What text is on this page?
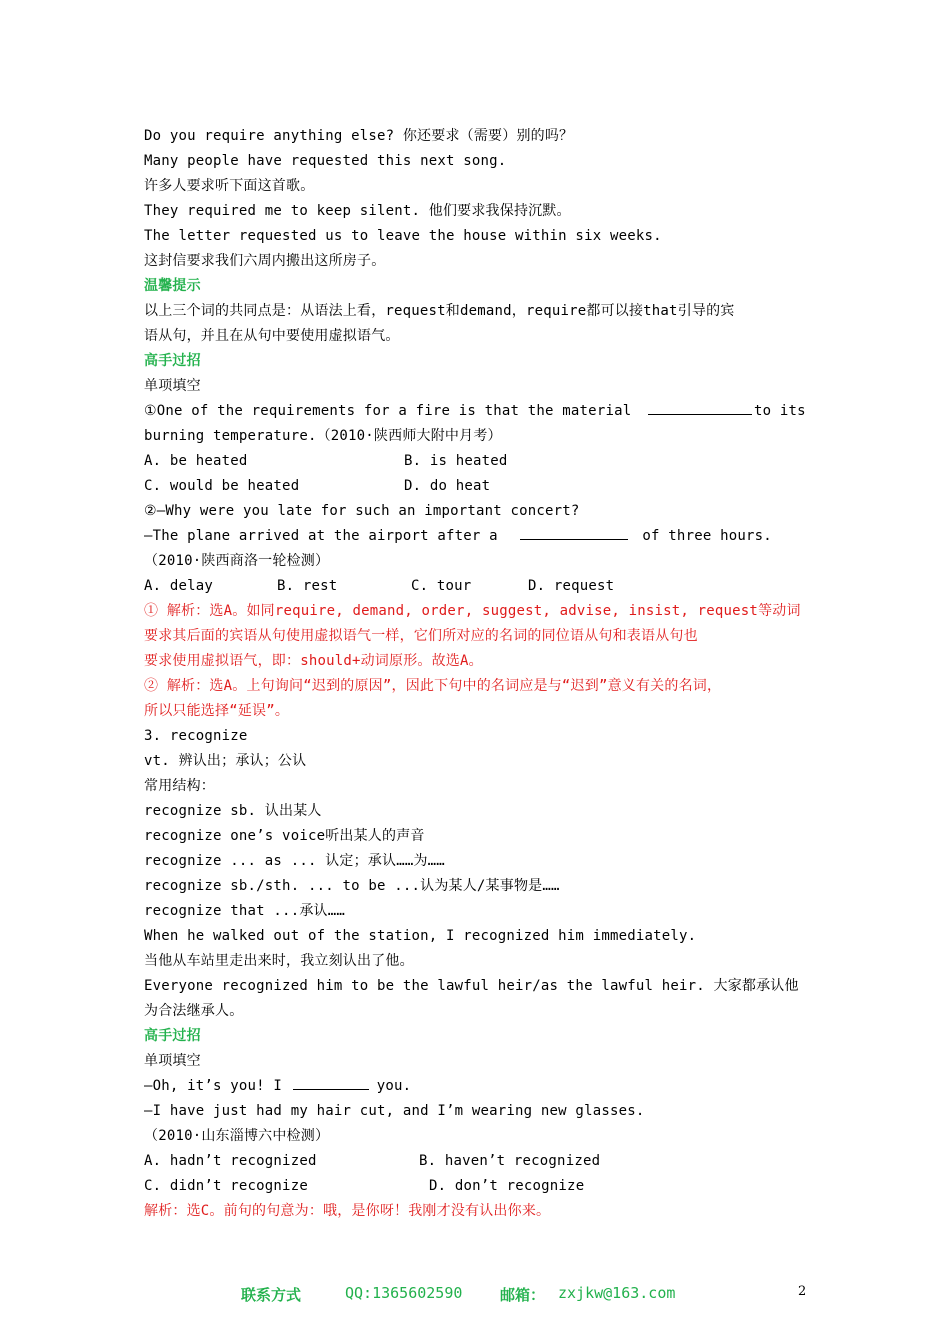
Do you require anything else? 你还要求（需要）别的吗？
Many people have requested this next song.
许多人要求听下面这首歌。
They required me to keep silent. 他们要求我保持沉默。
The letter requested us to leave the house within six weeks.
这封信要求我们六周内搬出这所房子。
温馨提示
以上三个词的共同点是：从语法上看，request和demand，require都可以接that引导的宾
语从句，并且在从句中要使用虚拟语气。
高手过招
单项填空
①One of the requirements for a fire is that the material	to its
burning temperature.（2010·陕西师大附中月考）
A. be heated	B. is heated
C. would be heated	D. do heat
②—Why were you late for such an important concert?
—The plane arrived at the airport after a	of three hours.
（2010·陕西商洛一轮检测）
A. delay	B. rest	C. tour	D. request
① 解析：选A。如同require, demand, order, suggest, advise, insist, request等动词
要求其后面的宾语从句使用虚拟语气一样，它们所对应的名词的同位语从句和表语从句也
要求使用虚拟语气，即：should+动词原形。故选A。
② 解析：选A。上句询问“迟到的原因”，因此下句中的名词应是与“迟到”意义有关的名词，
所以只能选择“延误”。
3. recognize
vt. 辨认出；承认；公认
常用结构：
recognize sb. 认出某人
recognize one’s voice听出某人的声音
recognize ... as ... 认定；承认……为……
recognize sb./sth. ... to be ...认为某人/某事物是……
recognize that ...承认……
When he walked out of the station, I recognized him immediately.
当他从车站里走出来时，我立刻认出了他。
Everyone recognized him to be the lawful heir/as the lawful heir. 大家都承认他
为合法继承人。
高手过招
单项填空
—Oh, it’s you! I	you.
—I have just had my hair cut, and I’m wearing new glasses.
（2010·山东淄博六中检测）
A. hadn’t recognized	B. haven’t recognized
C. didn’t recognize	D. don’t recognize
解析：选C。前句的句意为：哦，是你呀！我刚才没有认出你来。
联系方式	QQ:1365602590	邮箱： zxjkw@163.com	2
